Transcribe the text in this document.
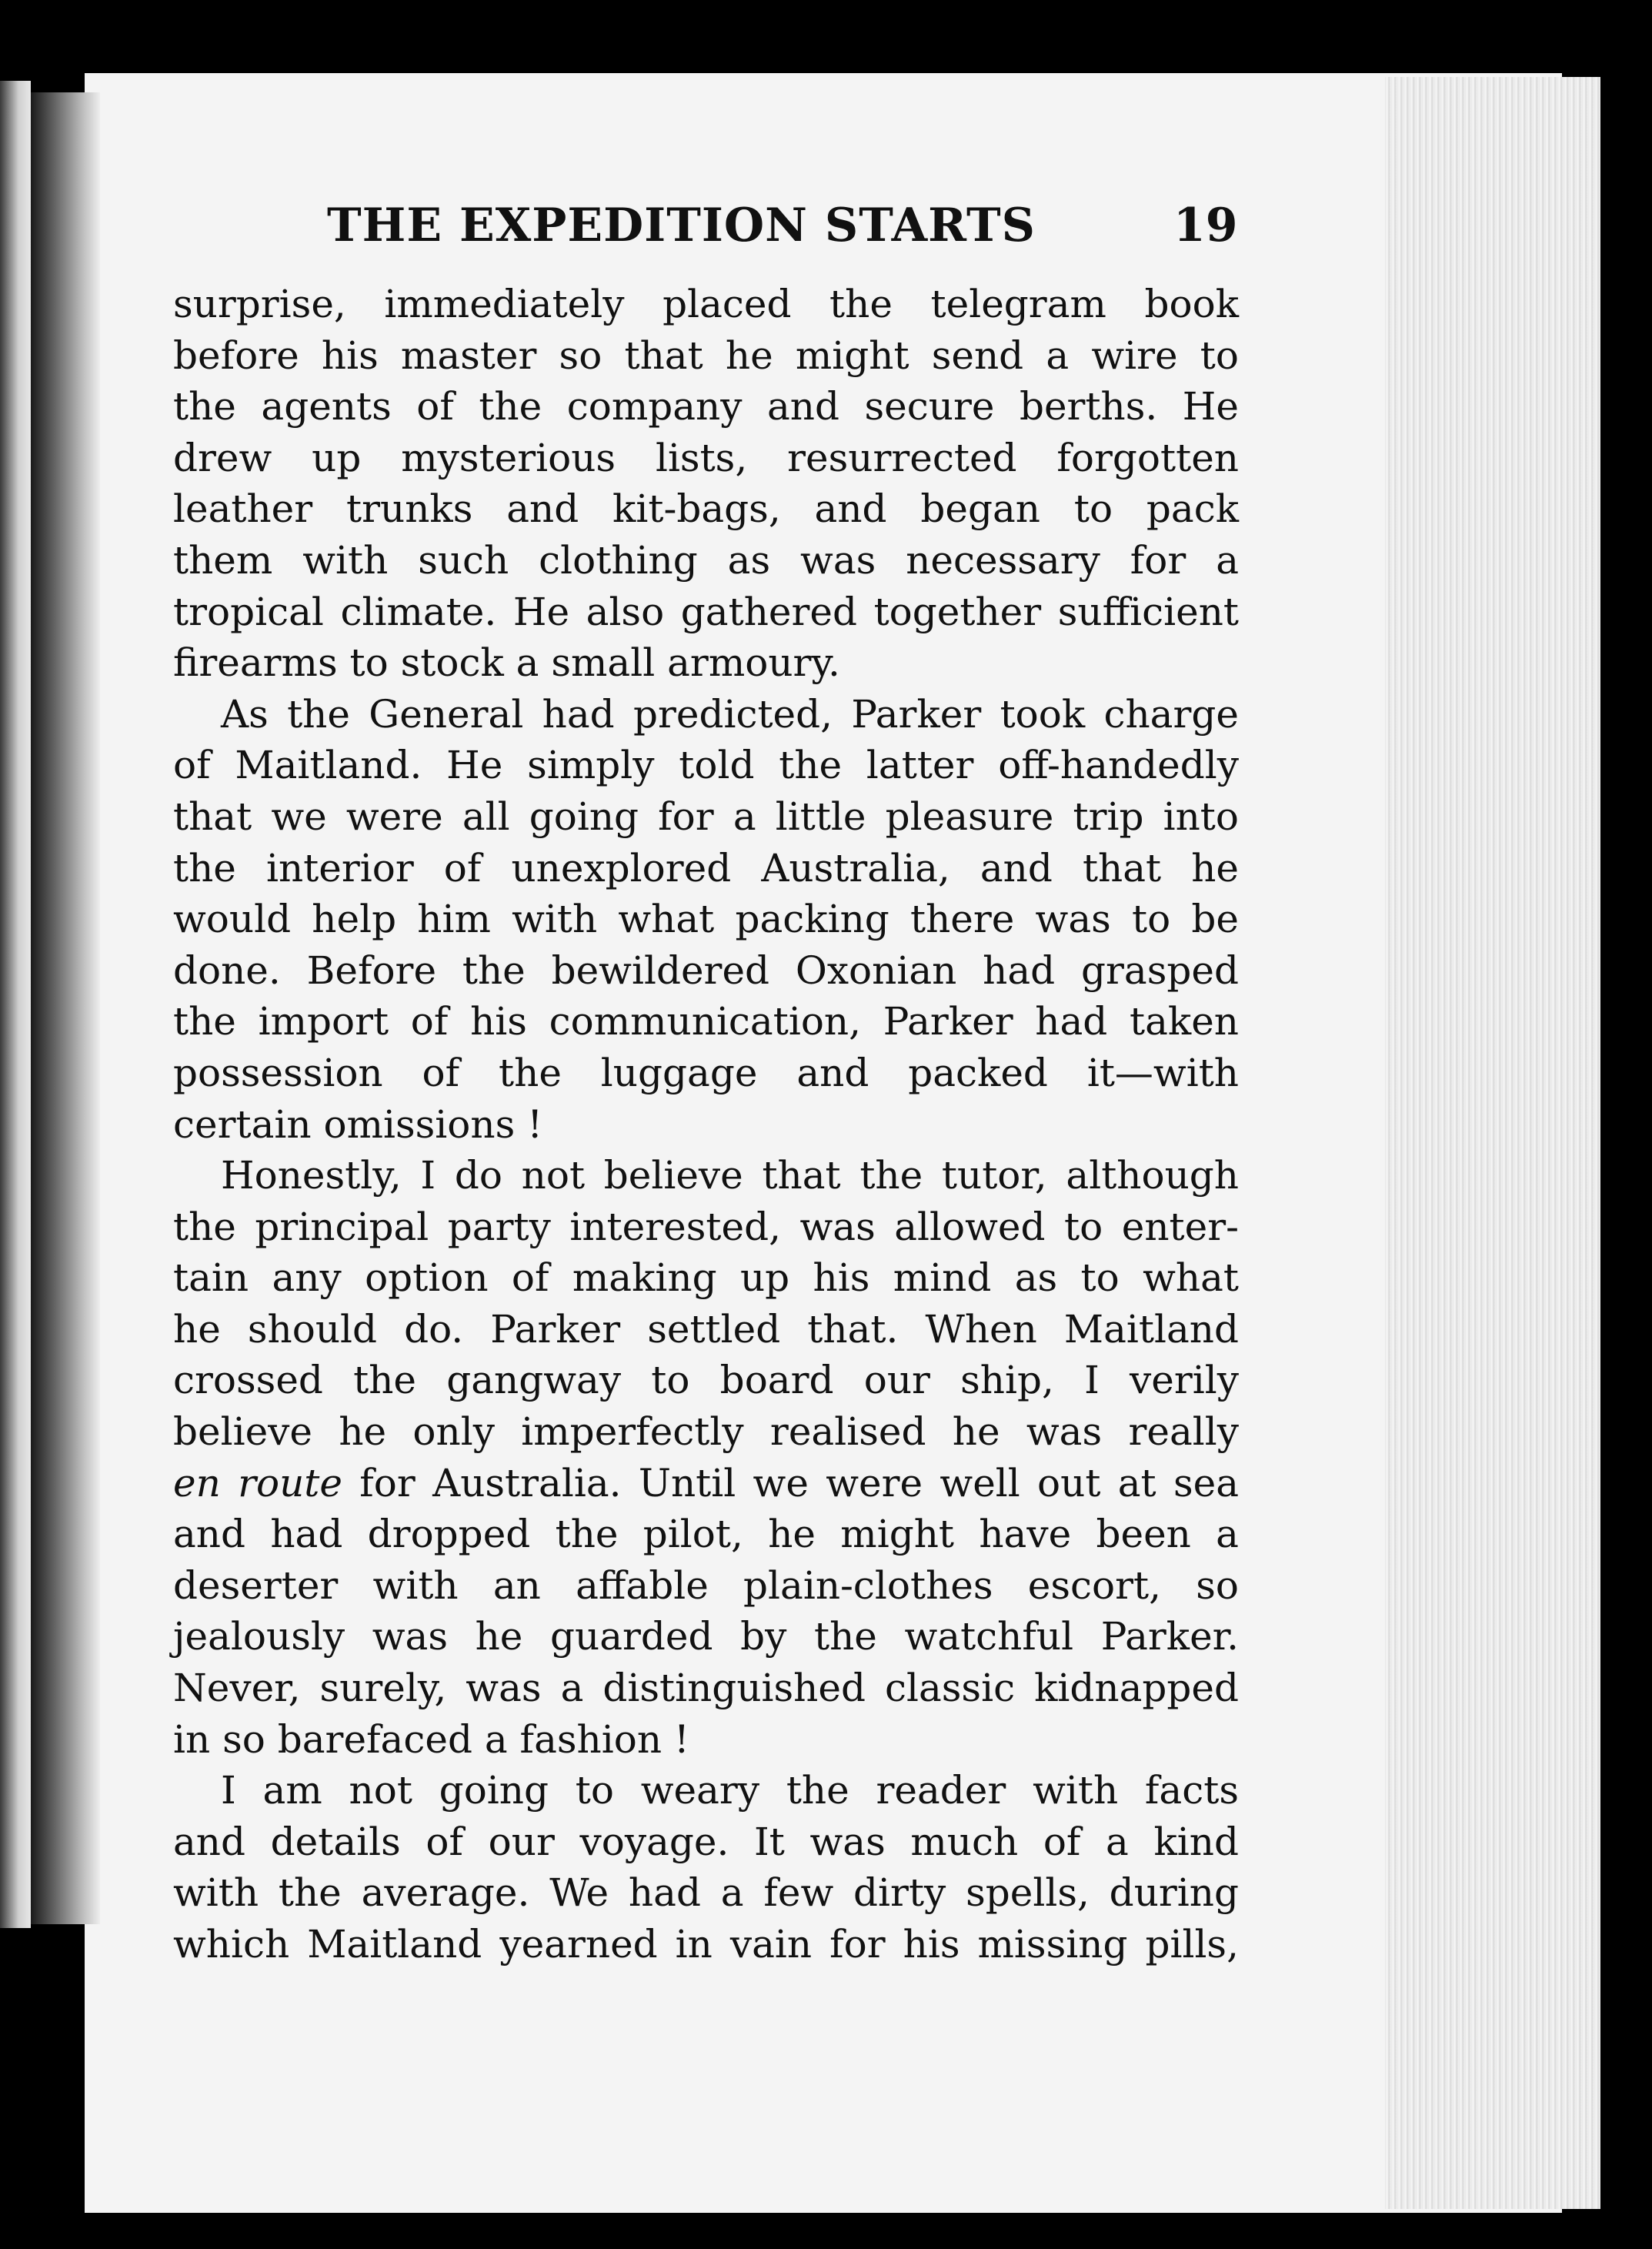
THE EXPEDITION STARTS	19
surprise, immediately placed the telegram book
before his master so that he might send a wire to
the agents of the company and secure berths. He
drew up mysterious lists, resurrected forgotten
leather trunks and kit-bags, and began to pack
them with such clothing as was necessary for a
tropical climate. He also gathered together sufficient
firearms to stock a small armoury.
As the General had predicted, Parker took charge
of Maitland. He simply told the latter off-handedly
that we were all going for a little pleasure trip into
the interior of unexplored Australia, and that he
would help him with what packing there was to be
done. Before the bewildered Oxonian had grasped
the import of his communication, Parker had taken
possession of the luggage and packed it—with
certain omissions !
Honestly, I do not believe that the tutor, although
the principal party interested, was allowed to enter-
tain any option of making up his mind as to what
he should do. Parker settled that. When Maitland
crossed the gangway to board our ship, I verily
believe he only imperfectly realised he was really
en route for Australia. Until we were well out at sea
and had dropped the pilot, he might have been a
deserter with an affable plain-clothes escort, so
jealously was he guarded by the watchful Parker.
Never, surely, was a distinguished classic kidnapped
in so barefaced a fashion !
I am not going to weary the reader with facts
and details of our voyage. It was much of a kind
with the average. We had a few dirty spells, during
which Maitland yearned in vain for his missing pills,
